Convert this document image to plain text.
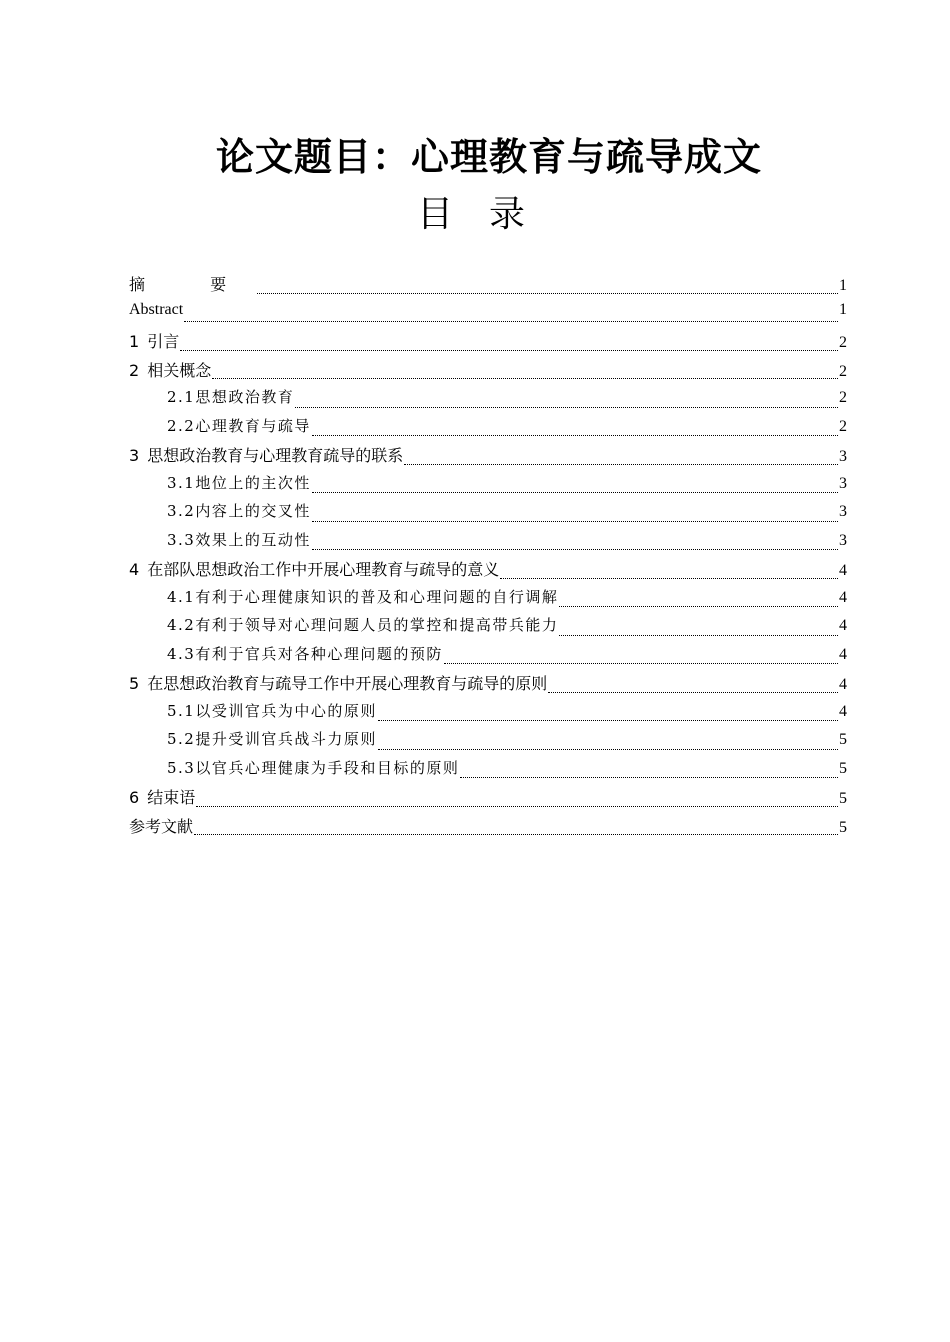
论文题目：心理教育与疏导成文
目录
摘 要	1
Abstract	1
1 引言	2
2 相关概念	2
2.1 思想政治教育	2
2.2 心理教育与疏导	2
3 思想政治教育与心理教育疏导的联系	3
3.1 地位上的主次性	3
3.2 内容上的交叉性	3
3.3 效果上的互动性	3
4 在部队思想政治工作中开展心理教育与疏导的意义	4
4.1 有利于心理健康知识的普及和心理问题的自行调解	4
4.2 有利于领导对心理问题人员的掌控和提高带兵能力	4
4.3 有利于官兵对各种心理问题的预防	4
5 在思想政治教育与疏导工作中开展心理教育与疏导的原则	4
5.1 以受训官兵为中心的原则	4
5.2 提升受训官兵战斗力原则	5
5.3 以官兵心理健康为手段和目标的原则	5
6 结束语	5
参考文献	5
